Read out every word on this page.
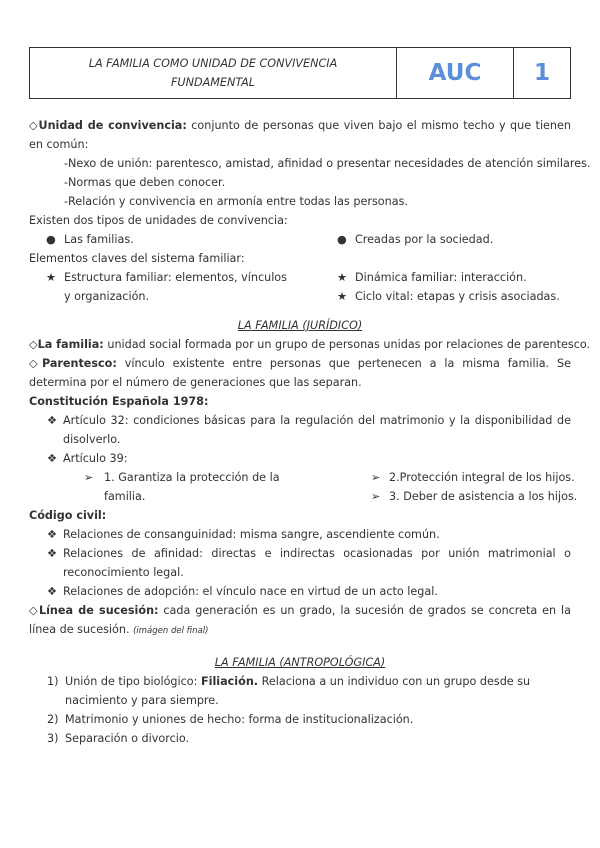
LA FAMILIA COMO UNIDAD DE CONVIVENCIA FUNDAMENTAL	AUC	1
◇Unidad de convivencia: conjunto de personas que viven bajo el mismo techo y que tienen en común:
-Nexo de unión: parentesco, amistad, afinidad o presentar necesidades de atención similares.
-Normas que deben conocer.
-Relación y convivencia en armonía entre todas las personas.
Existen dos tipos de unidades de convivencia:
● Las familias.	● Creadas por la sociedad.
Elementos claves del sistema familiar:
★ Estructura familiar: elementos, vínculos
y organización.
★ Dinámica familiar: interacción.
★ Ciclo vital: etapas y crisis asociadas.
LA FAMILIA (JURÍDICO)
◇La familia: unidad social formada por un grupo de personas unidas por relaciones de parentesco.
◇Parentesco: vínculo existente entre personas que pertenecen a la misma familia. Se determina por el número de generaciones que las separan.
Constitución Española 1978:
❖ Artículo 32: condiciones básicas para la regulación del matrimonio y la disponibilidad de disolverlo.
❖ Artículo 39:
➢ 1. Garantiza la protección de la
familia.
➢ 2.Protección integral de los hijos.
➢ 3. Deber de asistencia a los hijos.
Código civil:
❖ Relaciones de consanguinidad: misma sangre, ascendiente común.
❖ Relaciones de afinidad: directas e indirectas ocasionadas por unión matrimonial o reconocimiento legal.
❖ Relaciones de adopción: el vínculo nace en virtud de un acto legal.
◇Línea de sucesión: cada generación es un grado, la sucesión de grados se concreta en la línea de sucesión. (imágen del final)
LA FAMILIA (ANTROPOLÓGICA)
1) Unión de tipo biológico: Filiación. Relaciona a un individuo con un grupo desde su nacimiento y para siempre.
2) Matrimonio y uniones de hecho: forma de institucionalización.
3) Separación o divorcio.
